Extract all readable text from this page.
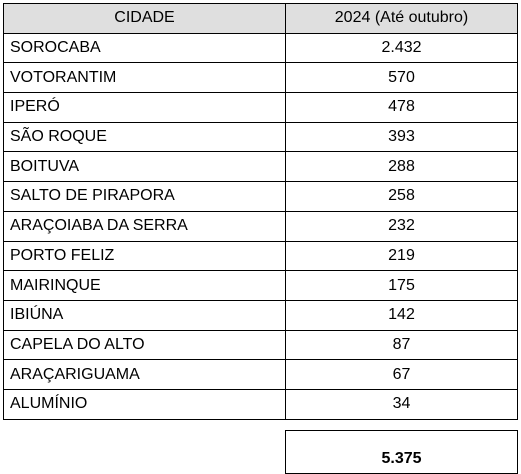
CIDADE	2024 (Até outubro)
SOROCABA	2.432
VOTORANTIM	570
IPERÓ	478
SÃO ROQUE	393
BOITUVA	288
SALTO DE PIRAPORA	258
ARAÇOIABA DA SERRA	232
PORTO FELIZ	219
MAIRINQUE	175
IBIÚNA	142
CAPELA DO ALTO	87
ARAÇARIGUAMA	67
ALUMÍNIO	34

	5.375
